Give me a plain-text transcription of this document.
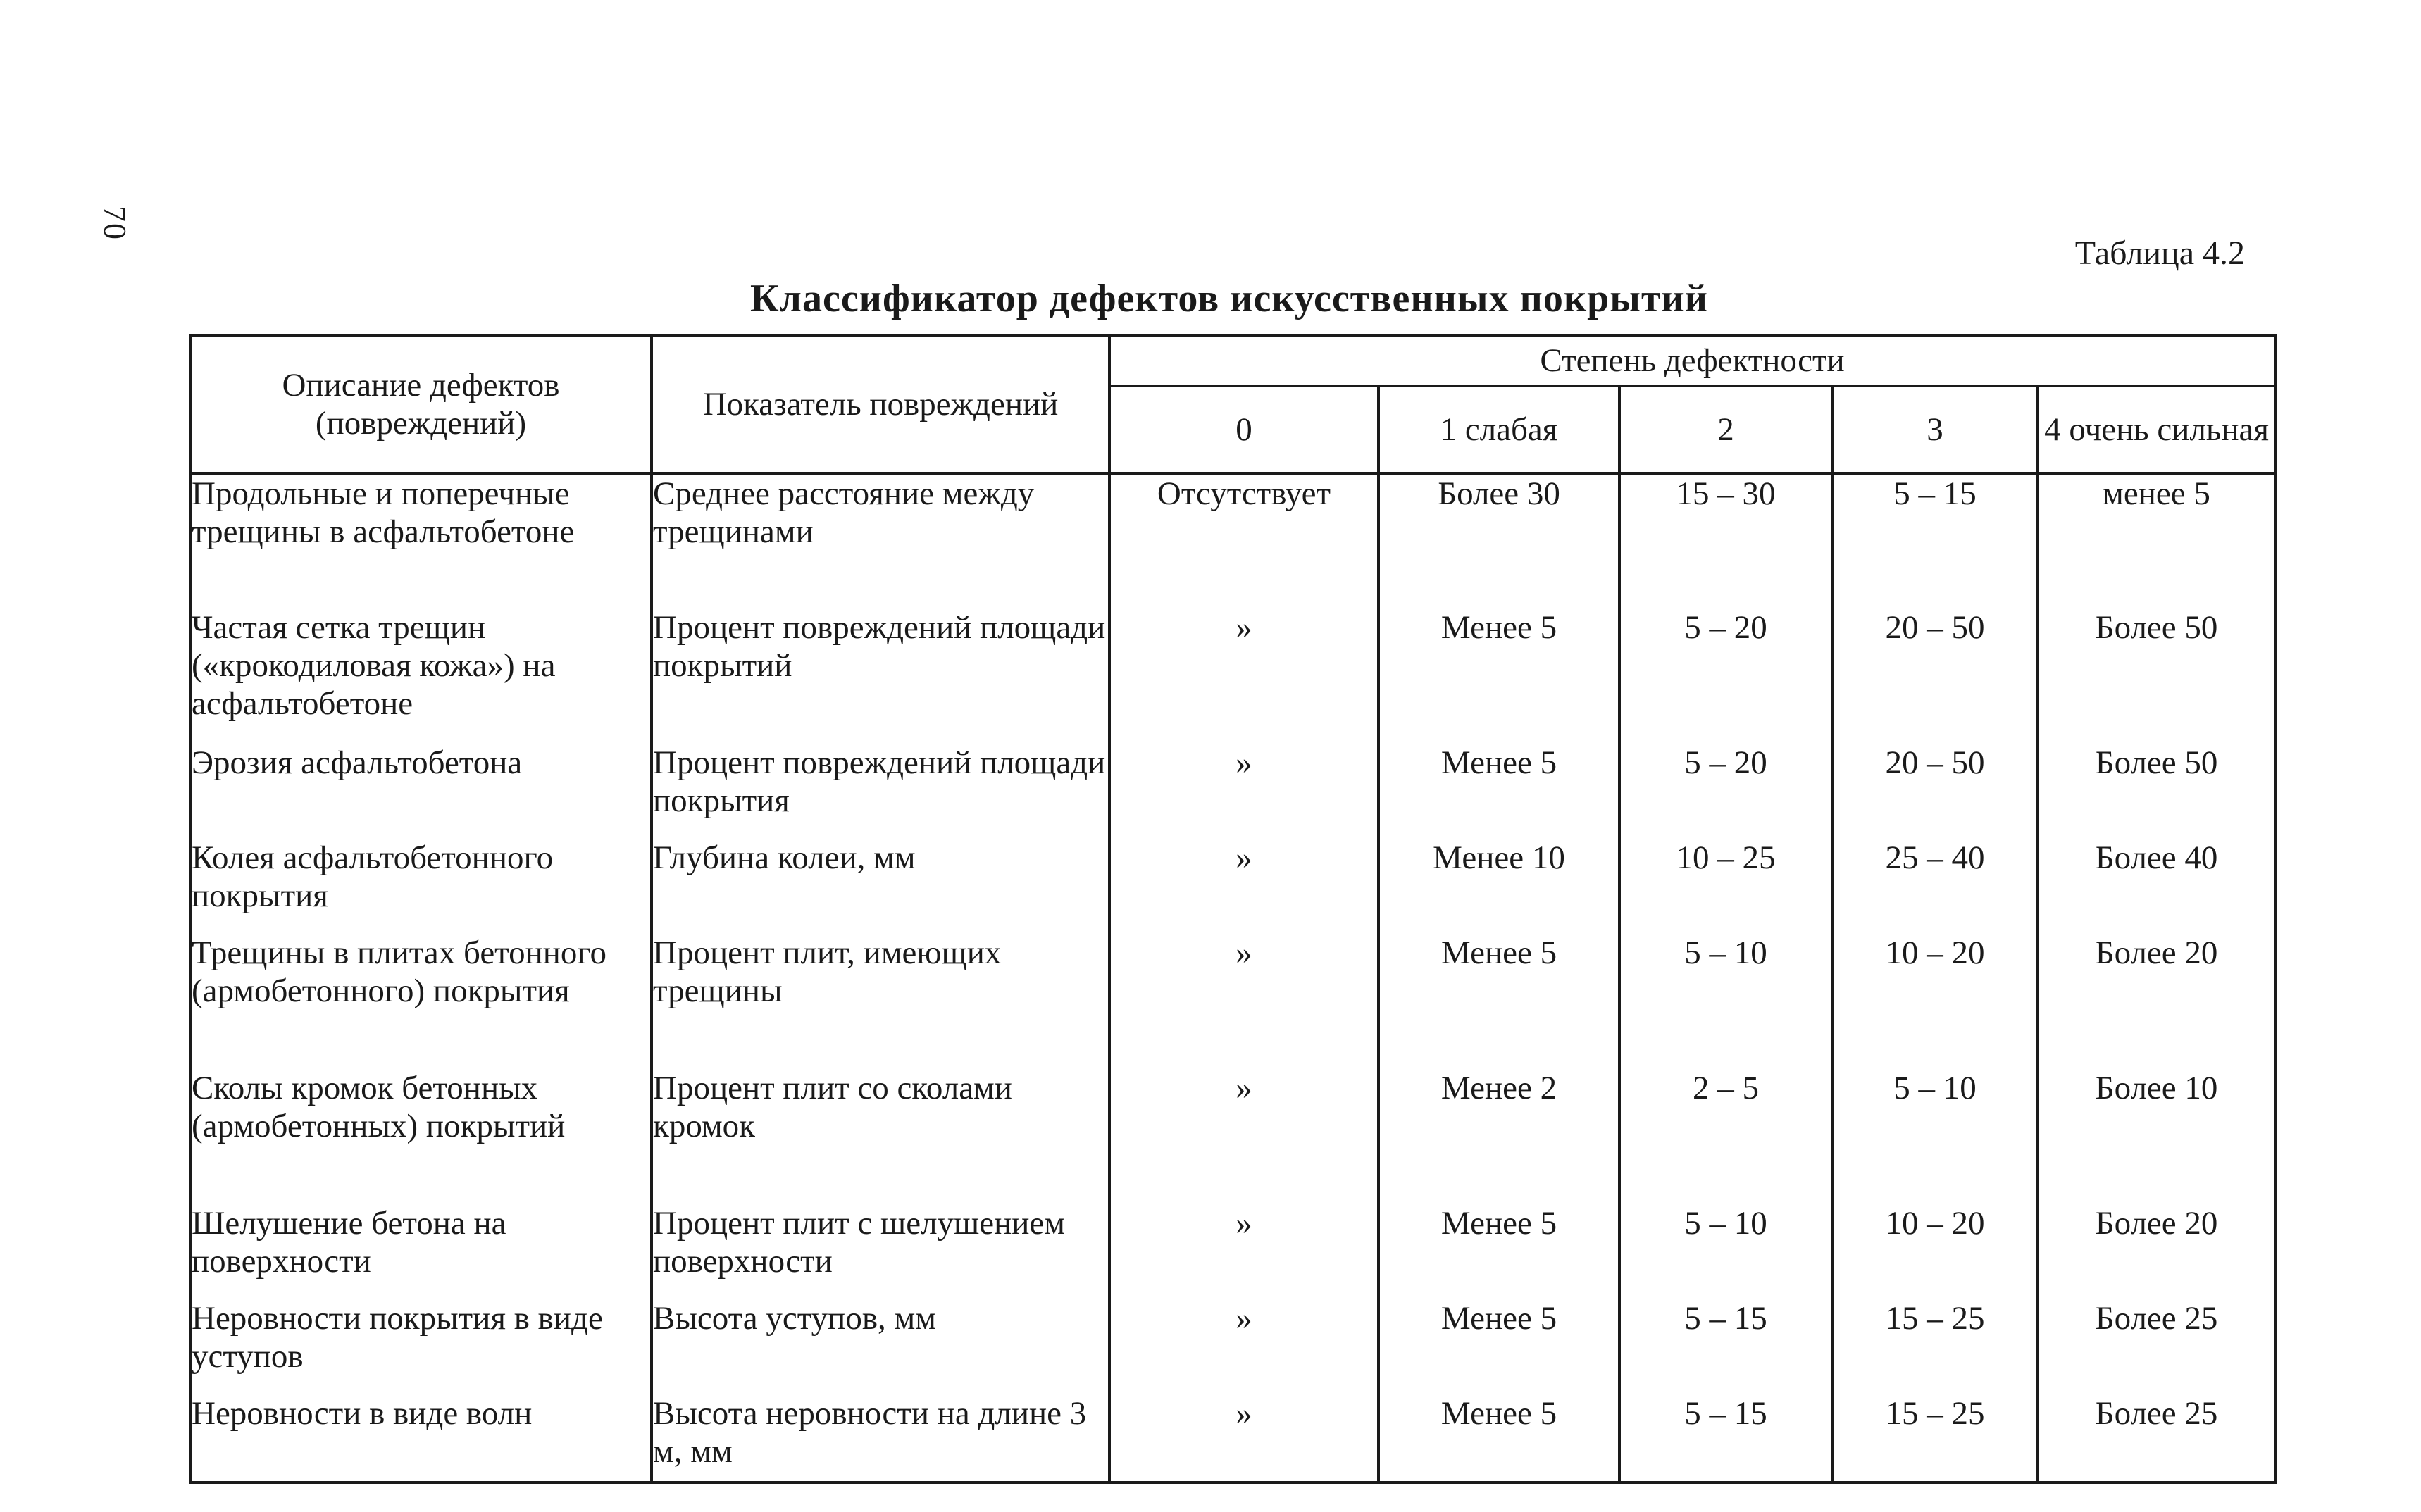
70
Таблица 4.2
Классификатор дефектов искусственных покрытий
Описание дефектов (повреждений)	Показатель повреждений	Степень дефектности				
		0	1 слабая	2	3	4 очень сильная
Продольные и поперечные трещины в асфальтобетоне	Среднее расстояние между трещинами	Отсутствует	Более 30	15 – 30	5 – 15	менее 5
Частая сетка трещин («крокодиловая кожа») на асфальтобетоне	Процент повреждений площади покрытий	»	Менее 5	5 – 20	20 – 50	Более 50
Эрозия асфальтобетона	Процент повреждений площади покрытия	»	Менее 5	5 – 20	20 – 50	Более 50
Колея асфальтобетонного покрытия	Глубина колеи, мм	»	Менее 10	10 – 25	25 – 40	Более 40
Трещины в плитах бетонного (армобетонного) покрытия	Процент плит, имеющих трещины	»	Менее 5	5 – 10	10 – 20	Более 20
Сколы кромок бетонных (армобетонных) покрытий	Процент плит со сколами кромок	»	Менее 2	2 – 5	5 – 10	Более 10
Шелушение бетона на поверхности	Процент плит с шелушением поверхности	»	Менее 5	5 – 10	10 – 20	Более 20
Неровности покрытия в виде уступов	Высота уступов, мм	»	Менее 5	5 – 15	15 – 25	Более 25
Неровности в виде волн	Высота неровности на длине 3 м, мм	»	Менее 5	5 – 15	15 – 25	Более 25
